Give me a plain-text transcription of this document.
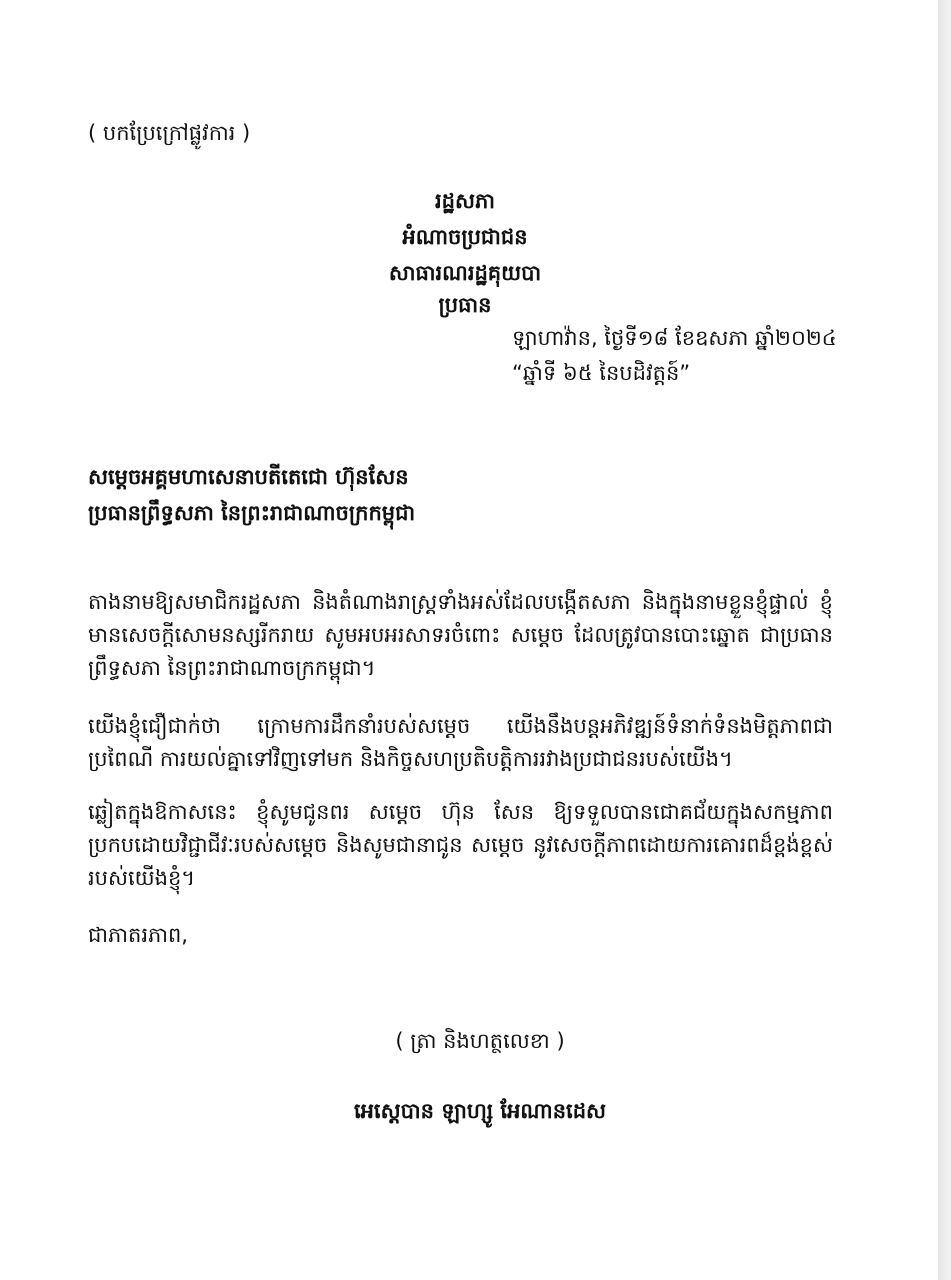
( បកប្រែក្រៅផ្លូវការ )
រដ្ឋសភា
អំណាចប្រជាជន
សាធារណរដ្ឋគុយបា
ប្រធាន
ឡាហាវ៉ាន, ថ្ងៃទី១៨ ខែឧសភា ឆ្នាំ២០២៤
“ឆ្នាំទី ៦៥ នៃបដិវត្តន៍”
សម្តេចអគ្គមហាសេនាបតីតេជោ ហ៊ុនសែន
ប្រធានព្រឹទ្ធសភា នៃព្រះរាជាណាចក្រកម្ពុជា
តាងនាមឱ្យសមាជិករដ្ឋសភា និងតំណាងរាស្ត្រទាំងអស់ដែលបង្កើតសភា និងក្នុងនាមខ្លួនខ្ញុំផ្ទាល់ ខ្ញុំមានសេចក្តីសោមនស្សរីករាយ សូមអបអរសាទរចំពោះ សម្តេច ដែលត្រូវបានបោះឆ្នោត ជាប្រធានព្រឹទ្ធសភា នៃព្រះរាជាណាចក្រកម្ពុជា។
យើងខ្ញុំជឿជាក់ថា ក្រោមការដឹកនាំរបស់សម្តេច យើងនឹងបន្តអភិវឌ្ឍន៍ទំនាក់ទំនងមិត្តភាពជាប្រពៃណី ការយល់គ្នាទៅវិញទៅមក និងកិច្ចសហប្រតិបត្តិការរវាងប្រជាជនរបស់យើង។
ឆ្លៀតក្នុងឱកាសនេះ ខ្ញុំសូមជូនពរ សម្តេច ហ៊ុន សែន ឱ្យទទួលបានជោគជ័យក្នុងសកម្មភាព ប្រកបដោយវិជ្ជាជីវៈរបស់សម្តេច និងសូមជានាជូន សម្តេច នូវសេចក្តីភាពដោយការគោរពដ៏ខ្ពង់ខ្ពស់របស់យើងខ្ញុំ។
ជាភាតរភាព,
( ត្រា និងហត្ថលេខា )
អេស្តេបាន ឡាហ្សូ អែណានដេស
